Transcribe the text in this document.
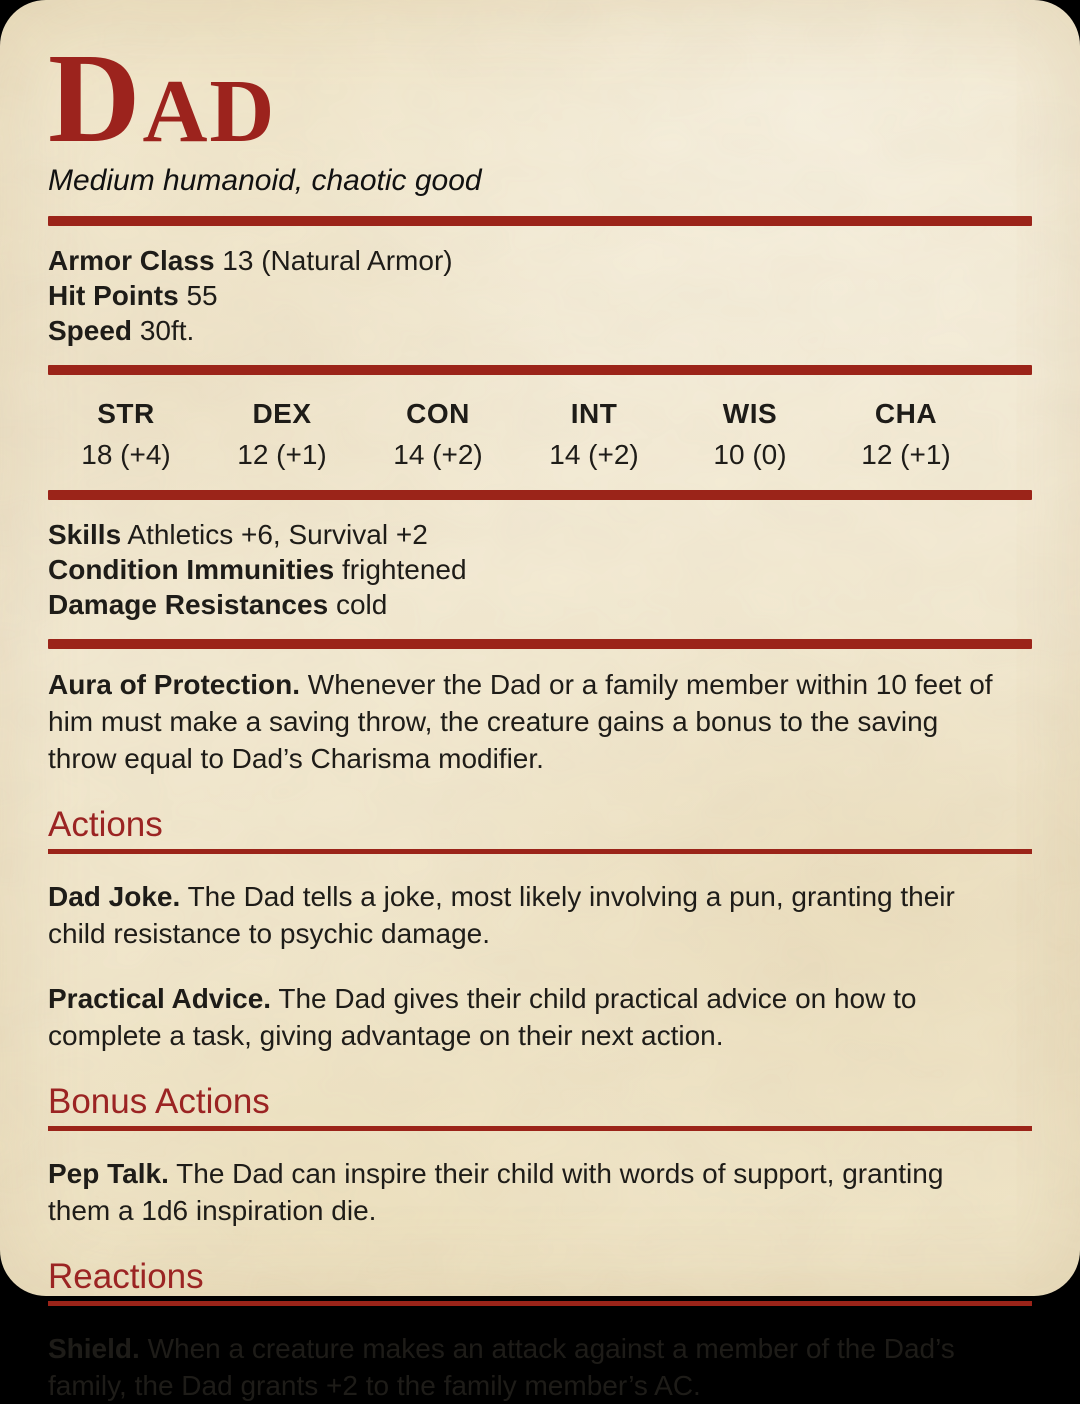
Dad
Medium humanoid, chaotic good
Armor Class 13 (Natural Armor)
Hit Points 55
Speed 30ft.
STR
18 (+4)
DEX
12 (+1)
CON
14 (+2)
INT
14 (+2)
WIS
10 (0)
CHA
12 (+1)
Skills Athletics +6, Survival +2
Condition Immunities frightened
Damage Resistances cold

Aura of Protection. Whenever the Dad or a family member within 10 feet of him must make a saving throw, the creature gains a bonus to the saving throw equal to Dad’s Charisma modifier.

Actions

Dad Joke. The Dad tells a joke, most likely involving a pun, granting their child resistance to psychic damage.

Practical Advice. The Dad gives their child practical advice on how to complete a task, giving advantage on their next action.

Bonus Actions

Pep Talk. The Dad can inspire their child with words of support, granting them a 1d6 inspiration die.

Reactions

Shield. When a creature makes an attack against a member of the Dad’s family, the Dad grants +2 to the family member’s AC.
